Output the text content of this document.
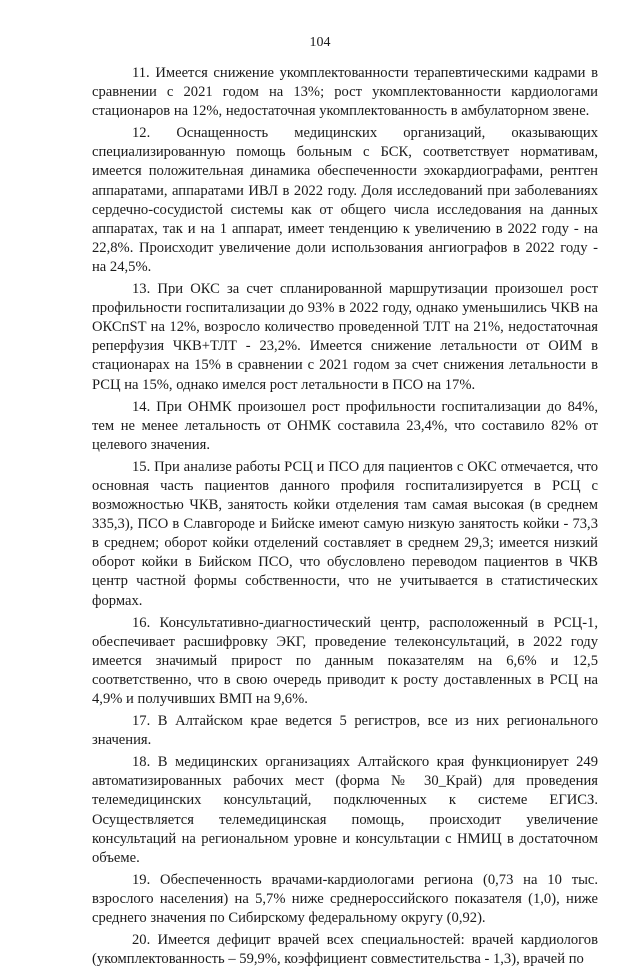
104

11. Имеется снижение укомплектованности терапевтическими кадрами в сравнении с 2021 годом на 13%; рост укомплектованности кардиологами стационаров на 12%, недостаточная укомплектованность в амбулаторном звене.

12. Оснащенность медицинских организаций, оказывающих специализированную помощь больным с БСК, соответствует нормативам, имеется положительная динамика обеспеченности эхокардиографами, рентген аппаратами, аппаратами ИВЛ в 2022 году. Доля исследований при заболеваниях сердечно-сосудистой системы как от общего числа исследования на данных аппаратах, так и на 1 аппарат, имеет тенденцию к увеличению в 2022 году - на 22,8%. Происходит увеличение доли использования ангиографов в 2022 году - на 24,5%.

13. При ОКС за счет спланированной маршрутизации произошел рост профильности госпитализации до 93% в 2022 году, однако уменьшились ЧКВ на ОКСпST на 12%, возросло количество проведенной ТЛТ на 21%, недостаточная реперфузия ЧКВ+ТЛТ - 23,2%. Имеется снижение летальности от ОИМ в стационарах на 15% в сравнении с 2021 годом за счет снижения летальности в РСЦ на 15%, однако имелся рост летальности в ПСО на 17%.

14. При ОНМК произошел рост профильности госпитализации до 84%, тем не менее летальность от ОНМК составила 23,4%, что составило 82% от целевого значения.

15. При анализе работы РСЦ и ПСО для пациентов с ОКС отмечается, что основная часть пациентов данного профиля госпитализируется в РСЦ с возможностью ЧКВ, занятость койки отделения там самая высокая (в среднем 335,3), ПСО в Славгороде и Бийске имеют самую низкую занятость койки - 73,3 в среднем; оборот койки отделений составляет в среднем 29,3; имеется низкий оборот койки в Бийском ПСО, что обусловлено переводом пациентов в ЧКВ центр частной формы собственности, что не учитывается в статистических формах.

16. Консультативно-диагностический центр, расположенный в РСЦ-1, обеспечивает расшифровку ЭКГ, проведение телеконсультаций, в 2022 году имеется значимый прирост по данным показателям на 6,6% и 12,5 соответственно, что в свою очередь приводит к росту доставленных в РСЦ на 4,9% и получивших ВМП на 9,6%.

17. В Алтайском крае ведется 5 регистров, все из них регионального значения.

18. В медицинских организациях Алтайского края функционирует 249 автоматизированных рабочих мест (форма № 30_Край) для проведения телемедицинских консультаций, подключенных к системе ЕГИСЗ. Осуществляется телемедицинская помощь, происходит увеличение консультаций на региональном уровне и консультации с НМИЦ в достаточном объеме.

19. Обеспеченность врачами-кардиологами региона (0,73 на 10 тыс. взрослого населения) на 5,7% ниже среднероссийского показателя (1,0), ниже среднего значения по Сибирскому федеральному округу (0,92).

20. Имеется дефицит врачей всех специальностей: врачей кардиологов (укомплектованность – 59,9%, коэффициент совместительства - 1,3), врачей по
